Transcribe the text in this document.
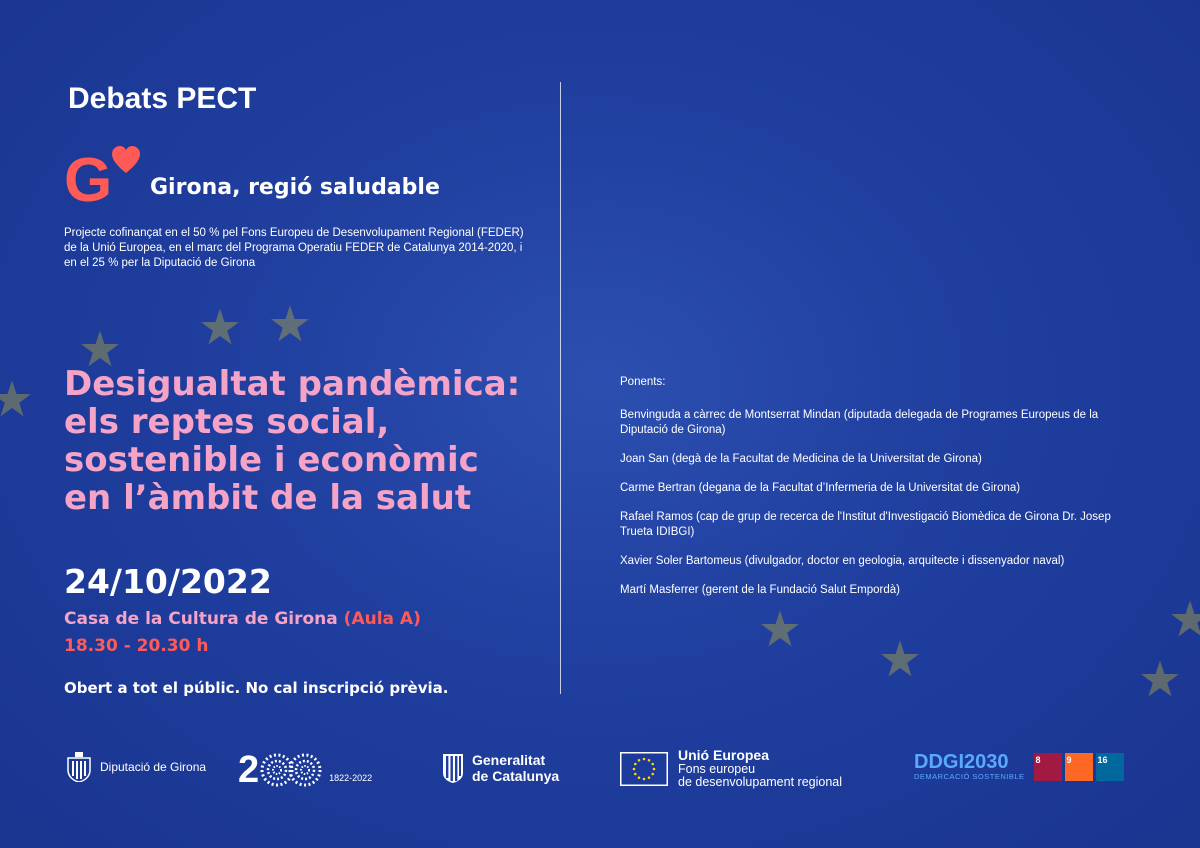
Debats PECT
G Girona, regió saludable
Projecte cofinançat en el 50 % pel Fons Europeu de Desenvolupament Regional (FEDER) de la Unió Europea, en el marc del Programa Operatiu FEDER de Catalunya 2014-2020, i en el 25 % per la Diputació de Girona
Desigualtat pandèmica:
els reptes social,
sostenible i econòmic
en l’àmbit de la salut
24/10/2022
Casa de la Cultura de Girona (Aula A)
18.30 - 20.30 h
Obert a tot el públic. No cal inscripció prèvia.

Ponents:

Benvinguda a càrrec de Montserrat Mindan (diputada delegada de Programes Europeus de la Diputació de Girona)

Joan San (degà de la Facultat de Medicina de la Universitat de Girona)

Carme Bertran (degana de la Facultat d’Infermeria de la Universitat de Girona)

Rafael Ramos (cap de grup de recerca de l'Institut d'Investigació Biomèdica de Girona Dr. Josep Trueta IDIBGI)

Xavier Soler Bartomeus (divulgador, doctor en geologia, arquitecte i dissenyador naval)

Martí Masferrer (gerent de la Fundació Salut Empordà)

Diputació de Girona 2	1822-2022
Generalitat
de Catalunya
Unió Europea
Fons europeu
de desenvolupament regional
DDGI2030
DEMARCACIÓ SOSTENIBLE
8	9	16
